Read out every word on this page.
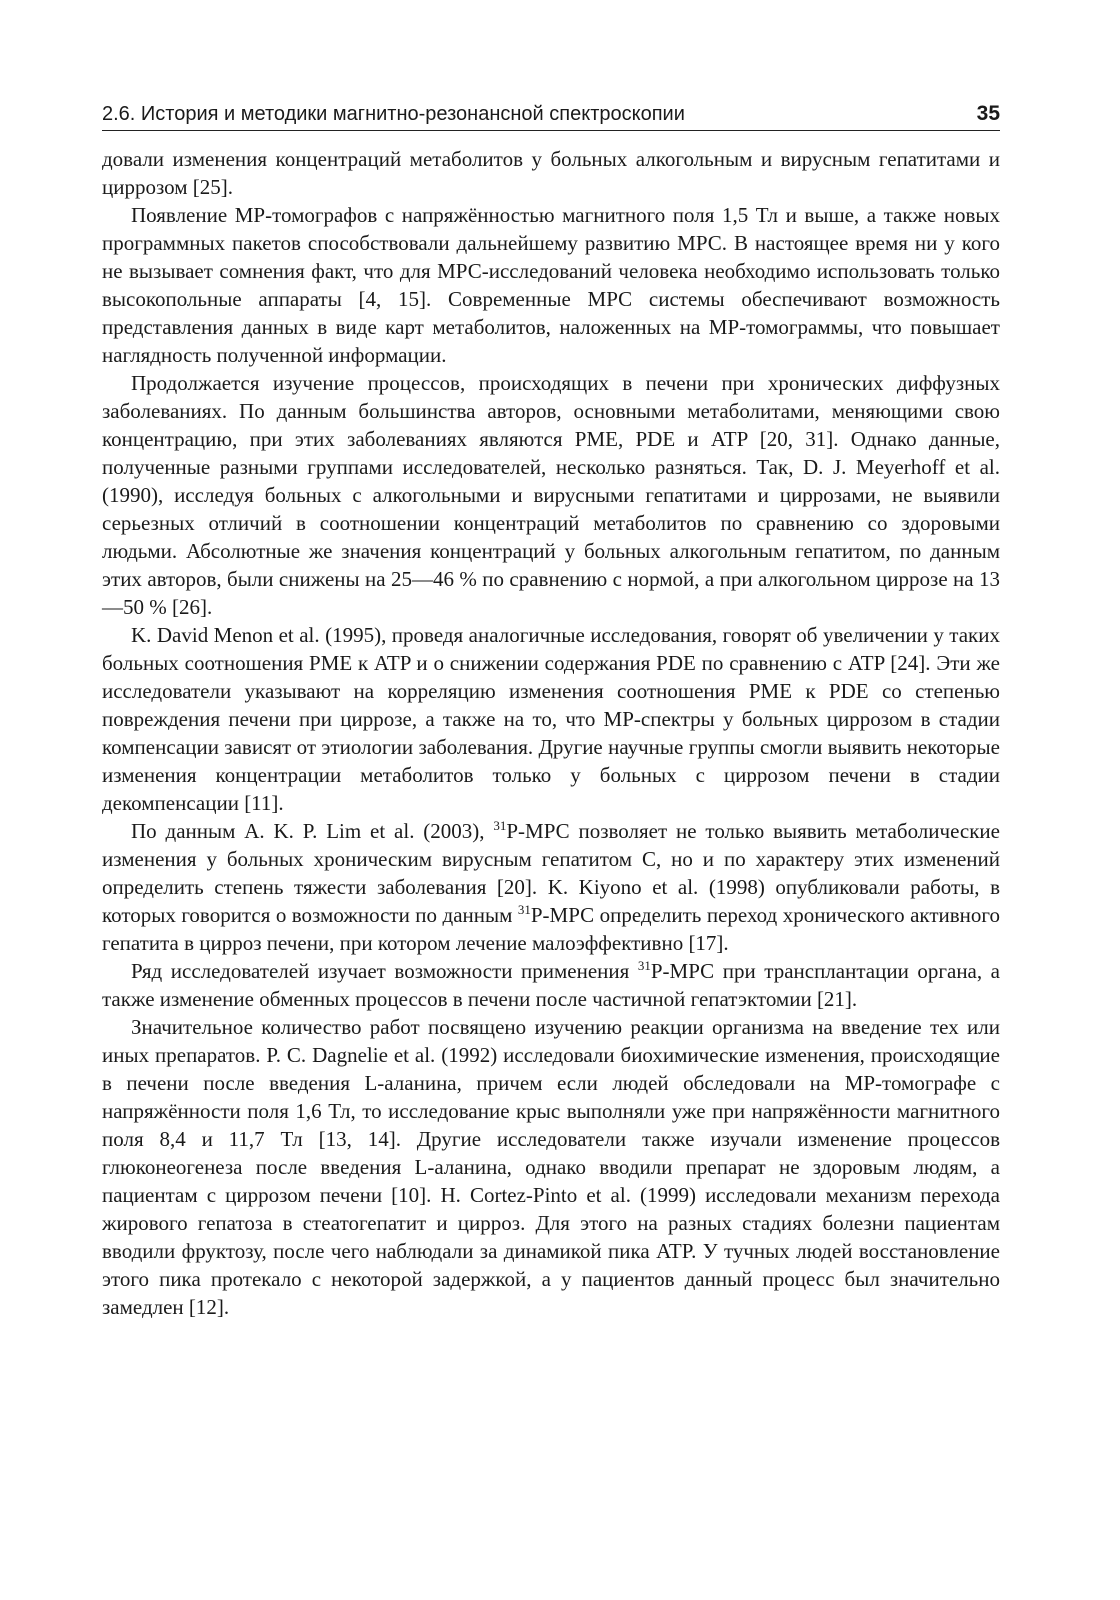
2.6. История и методики магнитно-резонансной спектроскопии	35

довали изменения концентраций метаболитов у больных алкогольным и вирусным гепатитами и циррозом [25].

Появление МР-томографов с напряжённостью магнитного поля 1,5 Тл и выше, а также новых программных пакетов способствовали дальнейшему развитию МРС. В настоящее время ни у кого не вызывает сомнения факт, что для МРС-исследований человека необходимо использовать только высокопольные аппараты [4, 15]. Современные МРС системы обеспечивают возможность представления данных в виде карт метаболитов, наложенных на МР-томограммы, что повышает наглядность полученной информации.

Продолжается изучение процессов, происходящих в печени при хронических диффузных заболеваниях. По данным большинства авторов, основными метаболитами, меняющими свою концентрацию, при этих заболеваниях являются PME, PDE и ATP [20, 31]. Однако данные, полученные разными группами исследователей, несколько разняться. Так, D. J. Meyerhoff et al. (1990), исследуя больных с алкогольными и вирусными гепатитами и циррозами, не выявили серьезных отличий в соотношении концентраций метаболитов по сравнению со здоровыми людьми. Абсолютные же значения концентраций у больных алкогольным гепатитом, по данным этих авторов, были снижены на 25—46 % по сравнению с нормой, а при алкогольном циррозе на 13—50 % [26].

K. David Menon et al. (1995), проведя аналогичные исследования, говорят об увеличении у таких больных соотношения PME к ATP и о снижении содержания PDE по сравнению с ATP [24]. Эти же исследователи указывают на корреляцию изменения соотношения PME к PDE со степенью повреждения печени при циррозе, а также на то, что МР-спектры у больных циррозом в стадии компенсации зависят от этиологии заболевания. Другие научные группы смогли выявить некоторые изменения концентрации метаболитов только у больных с циррозом печени в стадии декомпенсации [11].

По данным A. K. P. Lim et al. (2003), $^{31}$P-МРС позволяет не только выявить метаболические изменения у больных хроническим вирусным гепатитом С, но и по характеру этих изменений определить степень тяжести заболевания [20]. K. Kiyono et al. (1998) опубликовали работы, в которых говорится о возможности по данным $^{31}$P-МРС определить переход хронического активного гепатита в цирроз печени, при котором лечение малоэффективно [17].

Ряд исследователей изучает возможности применения $^{31}$P-МРС при трансплантации органа, а также изменение обменных процессов в печени после частичной гепатэктомии [21].

Значительное количество работ посвящено изучению реакции организма на введение тех или иных препаратов. P. C. Dagnelie et al. (1992) исследовали биохимические изменения, происходящие в печени после введения L-аланина, причем если людей обследовали на МР-томографе с напряжённости поля 1,6 Тл, то исследование крыс выполняли уже при напряжённости магнитного поля 8,4 и 11,7 Тл [13, 14]. Другие исследователи также изучали изменение процессов глюконеогенеза после введения L-аланина, однако вводили препарат не здоровым людям, а пациентам с циррозом печени [10]. H. Cortez-Pinto et al. (1999) исследовали механизм перехода жирового гепатоза в стеатогепатит и цирроз. Для этого на разных стадиях болезни пациентам вводили фруктозу, после чего наблюдали за динамикой пика ATP. У тучных людей восстановление этого пика протекало с некоторой задержкой, а у пациентов данный процесс был значительно замедлен [12].
